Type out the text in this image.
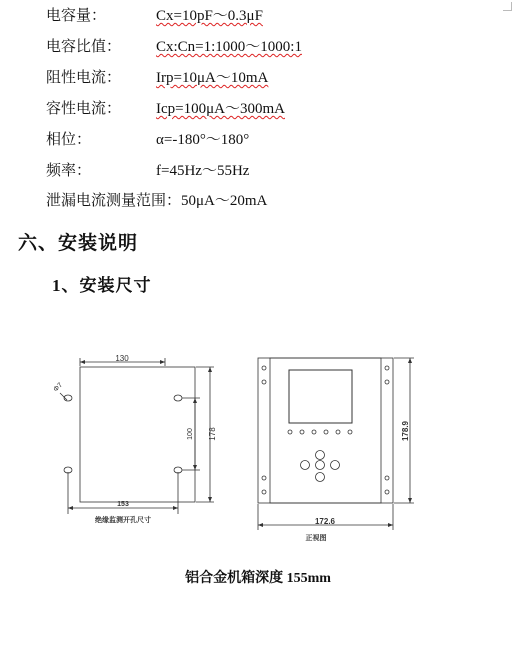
电容量：	Cx=10pF～0.3μF
电容比值： Cx:Cn=1:1000～1000:1
阻性电流： Irp=10μA～10mA
容性电流： Icp=100μA～300mA
相位：	α=-180°～180°
频率：	f=45Hz～55Hz
泄漏电流测量范围：50μA～20mA
六、安装说明
1、安装尺寸
130
Φ7
100 178
153
绝缘监测开孔尺寸
178.9
172.6
正视图
铝合金机箱深度 155mm
